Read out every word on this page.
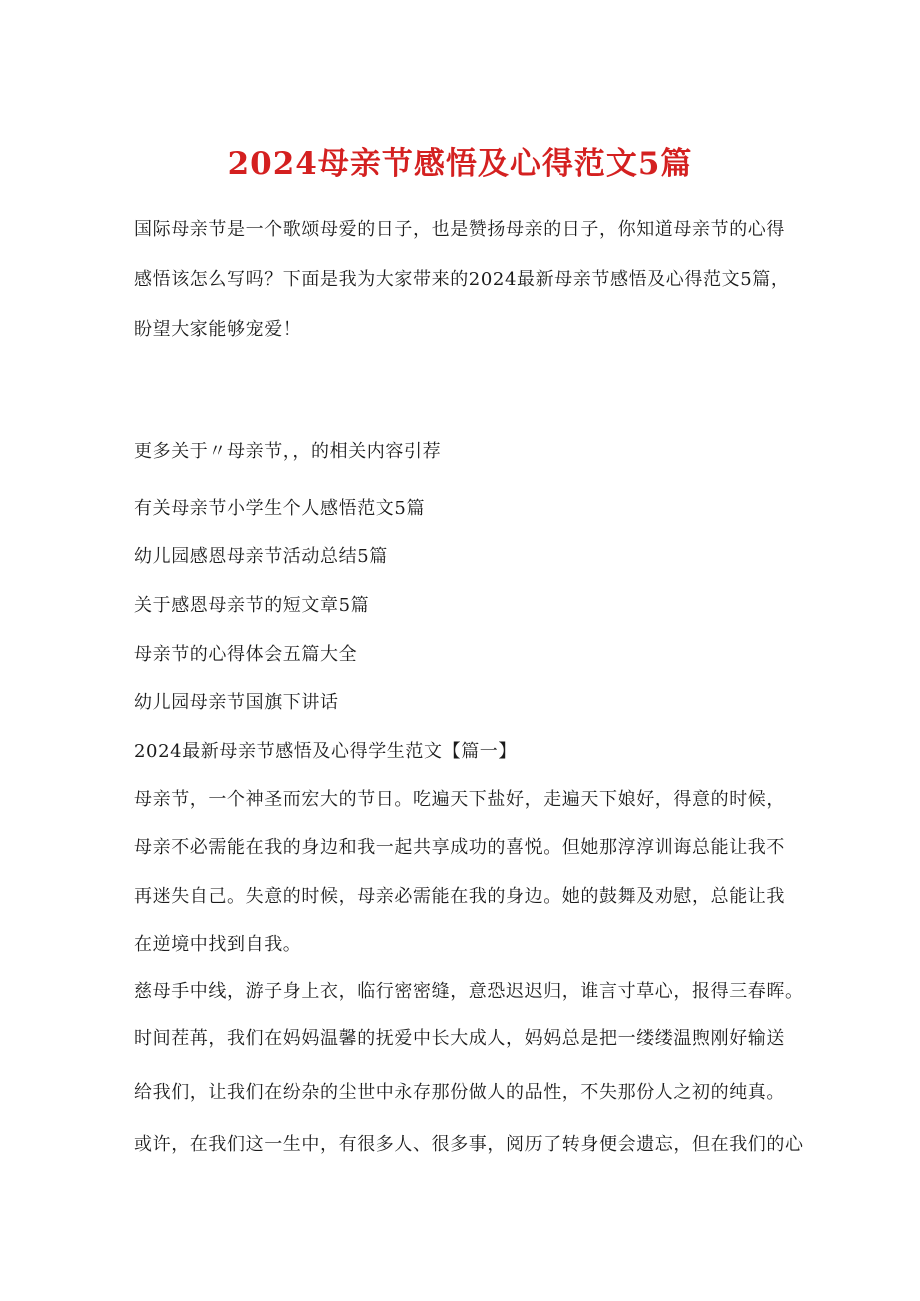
2024母亲节感悟及心得范文5篇
国际母亲节是一个歌颂母爱的日子，也是赞扬母亲的日子，你知道母亲节的心得
感悟该怎么写吗？下面是我为大家带来的2024最新母亲节感悟及心得范文5篇，
盼望大家能够宠爱！
更多关于〃母亲节，，的相关内容引荐
有关母亲节小学生个人感悟范文5篇
幼儿园感恩母亲节活动总结5篇
关于感恩母亲节的短文章5篇
母亲节的心得体会五篇大全
幼儿园母亲节国旗下讲话
2024最新母亲节感悟及心得学生范文【篇一】
母亲节，一个神圣而宏大的节日。吃遍天下盐好，走遍天下娘好，得意的时候，
母亲不必需能在我的身边和我一起共享成功的喜悦。但她那淳淳训诲总能让我不
再迷失自己。失意的时候，母亲必需能在我的身边。她的鼓舞及劝慰，总能让我
在逆境中找到自我。
慈母手中线，游子身上衣，临行密密缝，意恐迟迟归，谁言寸草心，报得三春晖。
时间茬苒，我们在妈妈温馨的抚爱中长大成人，妈妈总是把一缕缕温煦刚好输送
给我们，让我们在纷杂的尘世中永存那份做人的品性，不失那份人之初的纯真。
或许，在我们这一生中，有很多人、很多事，阅历了转身便会遗忘，但在我们的心
